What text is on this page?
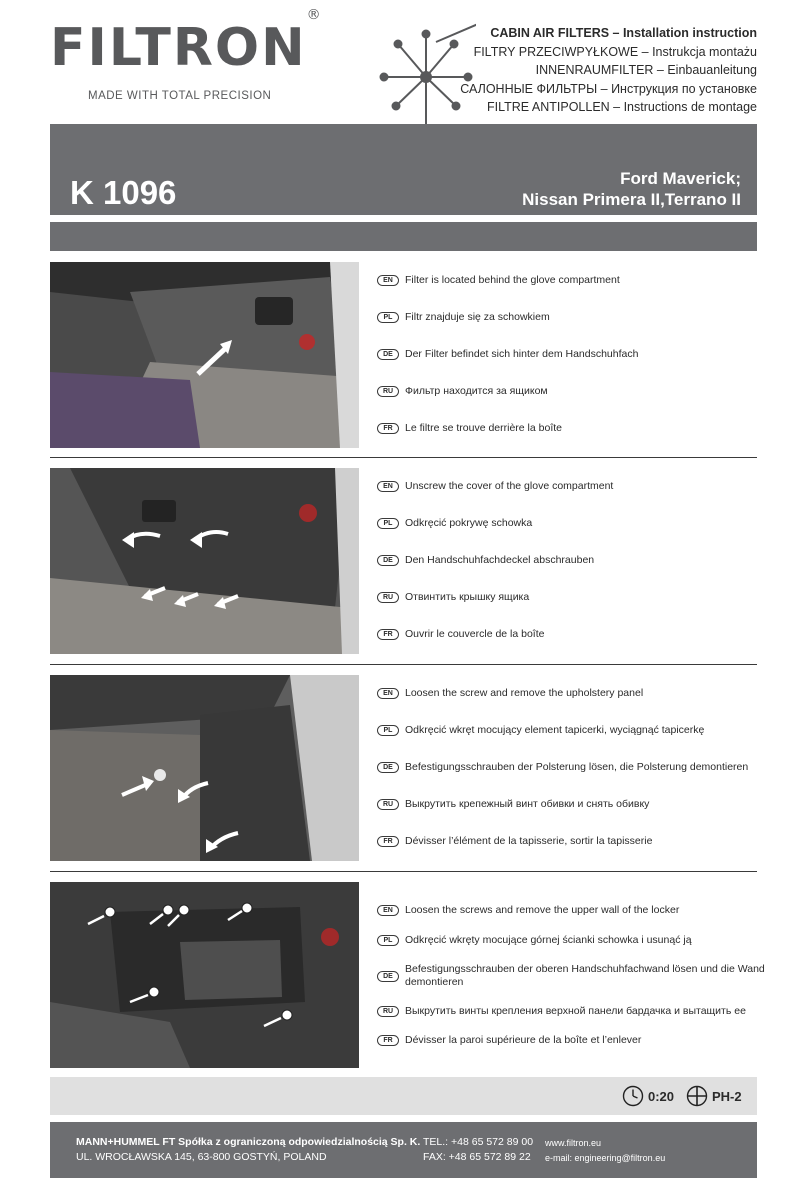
FILTRON®
MADE WITH TOTAL PRECISION
CABIN AIR FILTERS – Installation instruction
FILTRY PRZECIWPYŁKOWE – Instrukcja montażu
INNENRAUMFILTER – Einbauanleitung
САЛОННЫЕ ФИЛЬТРЫ – Инструкция по установке
FILTRE ANTIPOLLEN – Instructions de montage
K 1096	Ford Maverick;
Nissan Primera II,Terrano II
EN	Filter is located behind the glove compartment
PL	Filtr znajduje się za schowkiem
DE	Der Filter befindet sich hinter dem Handschuhfach
RU	Фильтр находится за ящиком
FR	Le filtre se trouve derrière la boîte
EN	Unscrew the cover of the glove compartment
PL	Odkręcić pokrywę schowka
DE	Den Handschuhfachdeckel abschrauben
RU	Отвинтить крышку ящика
FR	Ouvrir le couvercle de la boîte
EN	Loosen the screw and remove the upholstery panel
PL	Odkręcić wkręt mocujący element tapicerki, wyciągnąć tapicerkę
DE	Befestigungsschrauben der Polsterung lösen, die Polsterung demontieren
RU	Выкрутить крепежный винт обивки и снять обивку
FR	Dévisser l’élément de la tapisserie, sortir la tapisserie
EN	Loosen the screws and remove the upper wall of the locker
PL	Odkręcić wkręty mocujące górnej ścianki schowka i usunąć ją
DE
Befestigungsschrauben der oberen Handschuhfachwand lösen und die Wand demontieren
RU	Выкрутить винты крепления верхной панели бардачка и вытащить ее
FR	Dévisser la paroi supérieure de la boîte et l’enlever
0:20	PH-2
MANN+HUMMEL FT Spółka z ograniczoną odpowiedzialnością Sp. K.
UL. WROCŁAWSKA 145, 63-800 GOSTYŃ, POLAND
TEL.: +48 65 572 89 00
FAX: +48 65 572 89 22
www.filtron.eu
e-mail: engineering@filtron.eu
